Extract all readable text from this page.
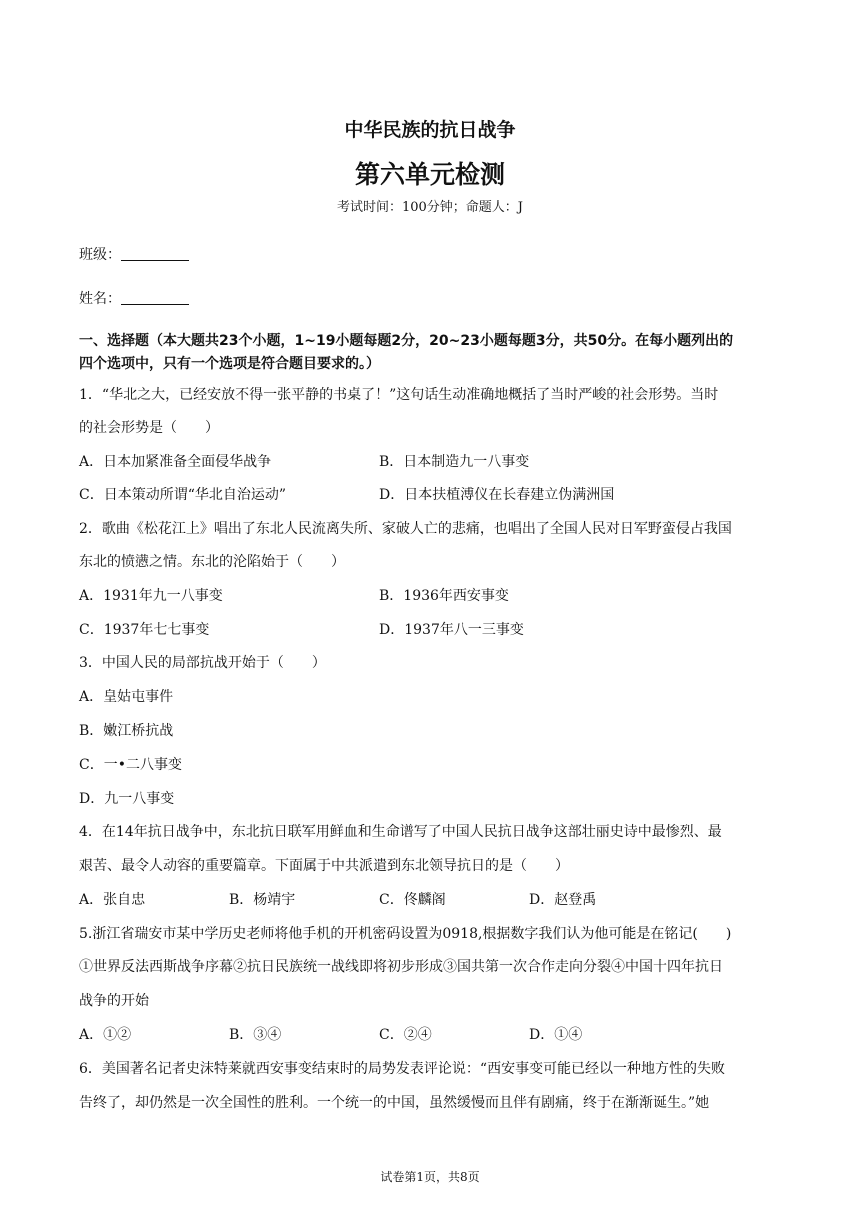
中华民族的抗日战争
第六单元检测
考试时间：100分钟；命题人：J
班级：
姓名：
一、选择题（本大题共23个小题，1~19小题每题2分，20~23小题每题3分，共50分。在每小题列出的
四个选项中，只有一个选项是符合题目要求的。）
1．“华北之大，已经安放不得一张平静的书桌了！”这句话生动准确地概括了当时严峻的社会形势。当时
的社会形势是（　　）
A．日本加紧准备全面侵华战争	B．日本制造九一八事变
C．日本策动所谓“华北自治运动”	D．日本扶植溥仪在长春建立伪满洲国
2．歌曲《松花江上》唱出了东北人民流离失所、家破人亡的悲痛，也唱出了全国人民对日军野蛮侵占我国
东北的愤懑之情。东北的沦陷始于（　　）
A．1931年九一八事变	B．1936年西安事变
C．1937年七七事变	D．1937年八一三事变
3．中国人民的局部抗战开始于（　　）
A．皇姑屯事件
B．嫩江桥抗战
C．一•二八事变
D．九一八事变
4．在14年抗日战争中，东北抗日联军用鲜血和生命谱写了中国人民抗日战争这部壮丽史诗中最惨烈、最
艰苦、最令人动容的重要篇章。下面属于中共派遣到东北领导抗日的是（　　）
A．张自忠	B．杨靖宇	C．佟麟阁	D．赵登禹
5.浙江省瑞安市某中学历史老师将他手机的开机密码设置为0918,根据数字我们认为他可能是在铭记(　　)
①世界反法西斯战争序幕②抗日民族统一战线即将初步形成③国共第一次合作走向分裂④中国十四年抗日
战争的开始
A．①②	B．③④	C．②④	D．①④
6．美国著名记者史沫特莱就西安事变结束时的局势发表评论说：“西安事变可能已经以一种地方性的失败
告终了，却仍然是一次全国性的胜利。一个统一的中国，虽然缓慢而且伴有剧痛，终于在渐渐诞生。”她
试卷第1页，共8页
